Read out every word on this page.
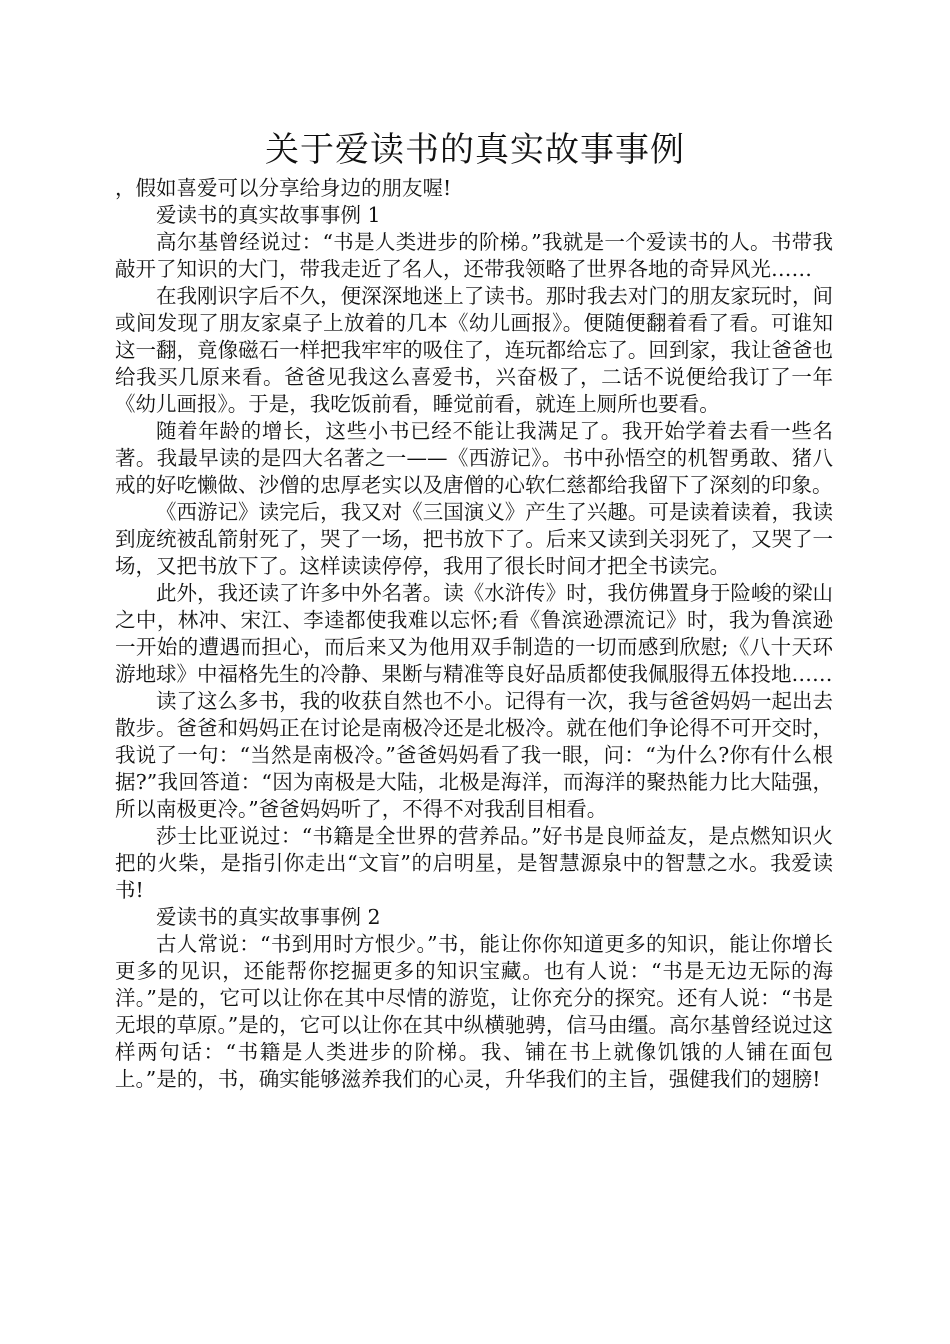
关于爱读书的真实故事事例

，假如喜爱可以分享给身边的朋友喔!

爱读书的真实故事事例 1

高尔基曾经说过：“书是人类进步的阶梯。”我就是一个爱读书的人。书带我敲开了知识的大门，带我走近了名人，还带我领略了世界各地的奇异风光……

在我刚识字后不久，便深深地迷上了读书。那时我去对门的朋友家玩时，间或间发现了朋友家桌子上放着的几本《幼儿画报》。便随便翻着看了看。可谁知这一翻，竟像磁石一样把我牢牢的吸住了，连玩都给忘了。回到家，我让爸爸也给我买几原来看。爸爸见我这么喜爱书，兴奋极了，二话不说便给我订了一年《幼儿画报》。于是，我吃饭前看，睡觉前看，就连上厕所也要看。

随着年龄的增长，这些小书已经不能让我满足了。我开始学着去看一些名著。我最早读的是四大名著之一——《西游记》。书中孙悟空的机智勇敢、猪八戒的好吃懒做、沙僧的忠厚老实以及唐僧的心软仁慈都给我留下了深刻的印象。

《西游记》读完后，我又对《三国演义》产生了兴趣。可是读着读着，我读到庞统被乱箭射死了，哭了一场，把书放下了。后来又读到关羽死了，又哭了一场，又把书放下了。这样读读停停，我用了很长时间才把全书读完。

此外，我还读了许多中外名著。读《水浒传》时，我仿佛置身于险峻的梁山之中，林冲、宋江、李逵都使我难以忘怀;看《鲁滨逊漂流记》时，我为鲁滨逊一开始的遭遇而担心，而后来又为他用双手制造的一切而感到欣慰;《八十天环游地球》中福格先生的冷静、果断与精准等良好品质都使我佩服得五体投地……

读了这么多书，我的收获自然也不小。记得有一次，我与爸爸妈妈一起出去散步。爸爸和妈妈正在讨论是南极冷还是北极冷。就在他们争论得不可开交时，我说了一句：“当然是南极冷。”爸爸妈妈看了我一眼，问：“为什么?你有什么根据?”我回答道：“因为南极是大陆，北极是海洋，而海洋的聚热能力比大陆强，所以南极更冷。”爸爸妈妈听了，不得不对我刮目相看。

莎士比亚说过：“书籍是全世界的营养品。”好书是良师益友，是点燃知识火把的火柴，是指引你走出“文盲”的启明星，是智慧源泉中的智慧之水。我爱读书!

爱读书的真实故事事例 2

古人常说：“书到用时方恨少。”书，能让你你知道更多的知识，能让你增长更多的见识，还能帮你挖掘更多的知识宝藏。也有人说：“书是无边无际的海洋。”是的，它可以让你在其中尽情的游览，让你充分的探究。还有人说：“书是无垠的草原。”是的，它可以让你在其中纵横驰骋，信马由缰。高尔基曾经说过这样两句话：“书籍是人类进步的阶梯。我、铺在书上就像饥饿的人铺在面包上。”是的，书，确实能够滋养我们的心灵，升华我们的主旨，强健我们的翅膀!
